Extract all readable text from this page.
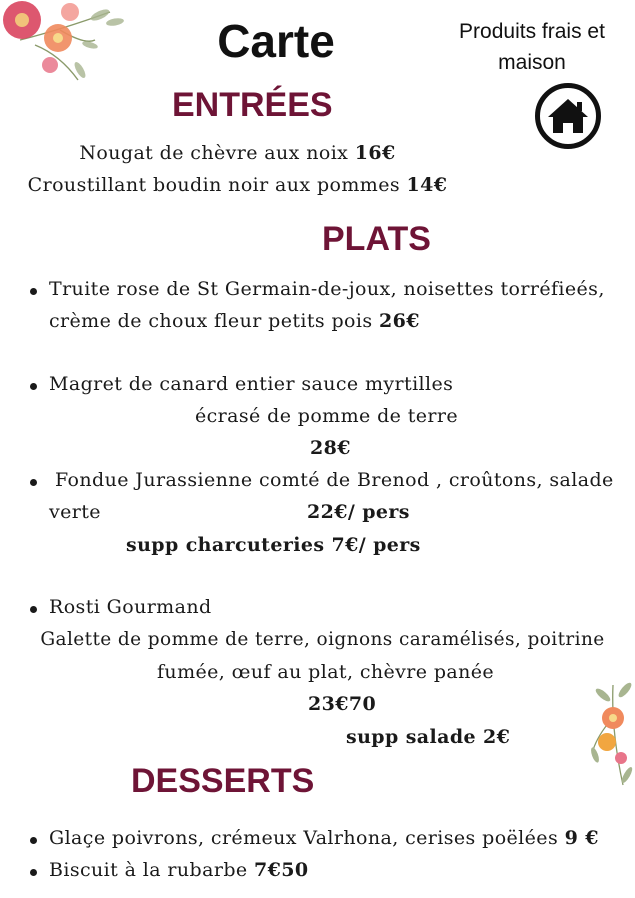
Carte	Produits frais et
maison
ENTRÉES
Nougat de chèvre aux noix 16€
Croustillant boudin noir aux pommes 14€
PLATS
Truite rose de St Germain-de-joux, noisettes torréfieés,
crème de choux fleur petits pois 26€
Magret de canard entier sauce myrtilles
écrasé de pomme de terre
28€
Fondue Jurassienne comté de Brenod , croûtons, salade
verte	22€/ pers
supp charcuteries 7€/ pers
Rosti Gourmand
Galette de pomme de terre, oignons caramélisés, poitrine
fumée, œuf au plat, chèvre panée
23€70
supp salade 2€
DESSERTS
Glaçe poivrons, crémeux Valrhona, cerises poëlées 9 €
Biscuit à la rubarbe 7€50
